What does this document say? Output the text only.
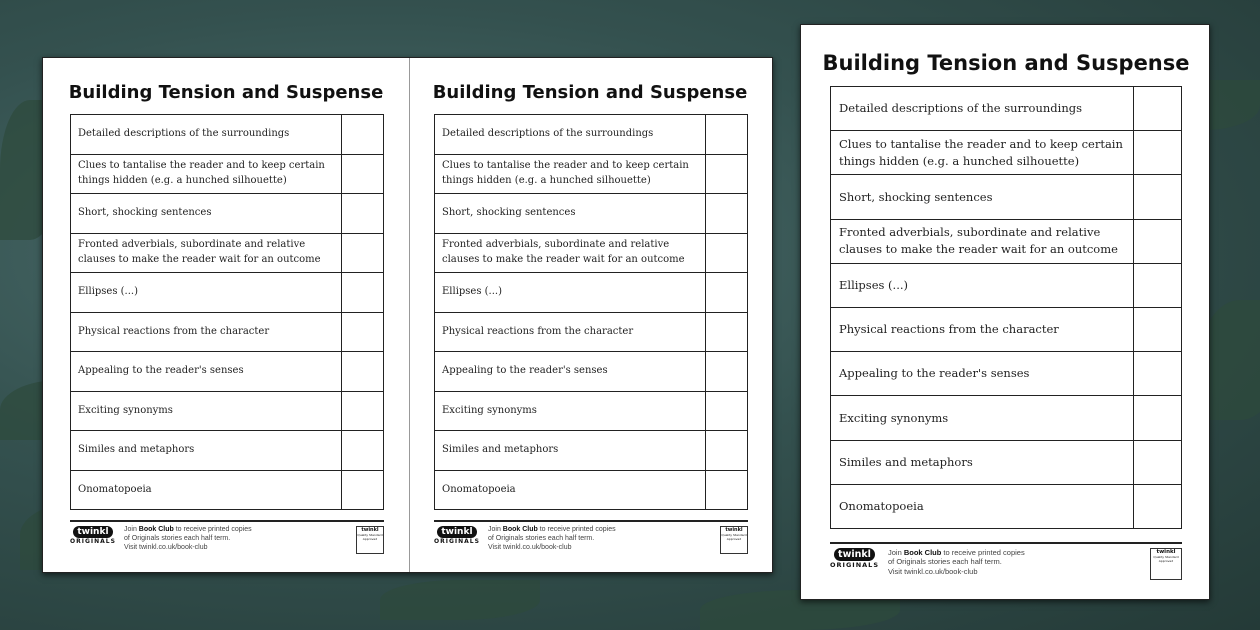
Building Tension and Suspense
Detailed descriptions of the surroundings	
Clues to tantalise the reader and to keep certain things hidden (e.g. a hunched silhouette)	
Short, shocking sentences	
Fronted adverbials, subordinate and relative clauses to make the reader wait for an outcome	
Ellipses (...)	
Physical reactions from the character	
Appealing to the reader's senses	
Exciting synonyms	
Similes and metaphors	
Onomatopoeia	
twinkl
ORIGINALS
Join Book Club to receive printed copies
of Originals stories each half term.
Visit twinkl.co.uk/book-club
twinkl
Quality Standard Approved
Building Tension and Suspense
Detailed descriptions of the surroundings	
Clues to tantalise the reader and to keep certain things hidden (e.g. a hunched silhouette)	
Short, shocking sentences	
Fronted adverbials, subordinate and relative clauses to make the reader wait for an outcome	
Ellipses (...)	
Physical reactions from the character	
Appealing to the reader's senses	
Exciting synonyms	
Similes and metaphors	
Onomatopoeia	
twinkl
ORIGINALS
Join Book Club to receive printed copies
of Originals stories each half term.
Visit twinkl.co.uk/book-club
twinkl
Quality Standard Approved
Building Tension and Suspense
Detailed descriptions of the surroundings	
Clues to tantalise the reader and to keep certain things hidden (e.g. a hunched silhouette)	
Short, shocking sentences	
Fronted adverbials, subordinate and relative clauses to make the reader wait for an outcome	
Ellipses (...)	
Physical reactions from the character	
Appealing to the reader's senses	
Exciting synonyms	
Similes and metaphors	
Onomatopoeia	
twinkl
ORIGINALS
Join Book Club to receive printed copies
of Originals stories each half term.
Visit twinkl.co.uk/book-club
twinkl
Quality Standard Approved
